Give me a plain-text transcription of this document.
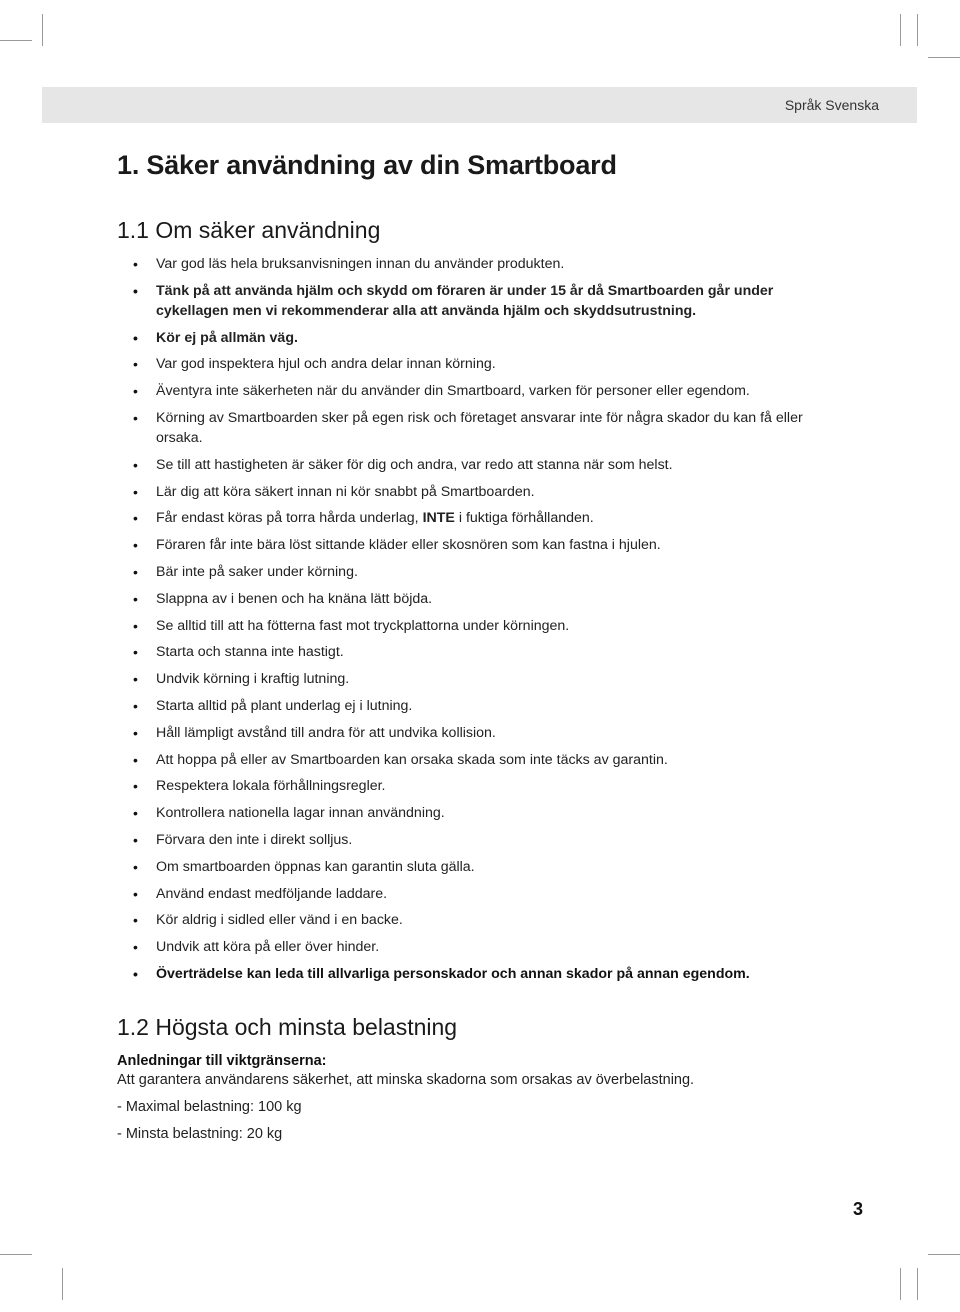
Språk Svenska
1. Säker användning av din Smartboard
1.1 Om säker användning
• Var god läs hela bruksanvisningen innan du använder produkten.
• Tänk på att använda hjälm och skydd om föraren är under 15 år då Smartboarden går under cykellagen men vi rekommenderar alla att använda hjälm och skyddsutrustning.
• Kör ej på allmän väg.
• Var god inspektera hjul och andra delar innan körning.
• Äventyra inte säkerheten när du använder din Smartboard, varken för personer eller egendom.
• Körning av Smartboarden sker på egen risk och företaget ansvarar inte för några skador du kan få eller orsaka.
• Se till att hastigheten är säker för dig och andra, var redo att stanna när som helst.
• Lär dig att köra säkert innan ni kör snabbt på Smartboarden.
• Får endast köras på torra hårda underlag, INTE i fuktiga förhållanden.
• Föraren får inte bära löst sittande kläder eller skosnören som kan fastna i hjulen.
• Bär inte på saker under körning.
• Slappna av i benen och ha knäna lätt böjda.
• Se alltid till att ha fötterna fast mot tryckplattorna under körningen.
• Starta och stanna inte hastigt.
• Undvik körning i kraftig lutning.
• Starta alltid på plant underlag ej i lutning.
• Håll lämpligt avstånd till andra för att undvika kollision.
• Att hoppa på eller av Smartboarden kan orsaka skada som inte täcks av garantin.
• Respektera lokala förhållningsregler.
• Kontrollera nationella lagar innan användning.
• Förvara den inte i direkt solljus.
• Om smartboarden öppnas kan garantin sluta gälla.
• Använd endast medföljande laddare.
• Kör aldrig i sidled eller vänd i en backe.
• Undvik att köra på eller över hinder.
• Överträdelse kan leda till allvarliga personskador och annan skador på annan egendom.
1.2 Högsta och minsta belastning
Anledningar till viktgränserna:
Att garantera användarens säkerhet, att minska skadorna som orsakas av överbelastning.
- Maximal belastning: 100 kg
- Minsta belastning: 20 kg
3
